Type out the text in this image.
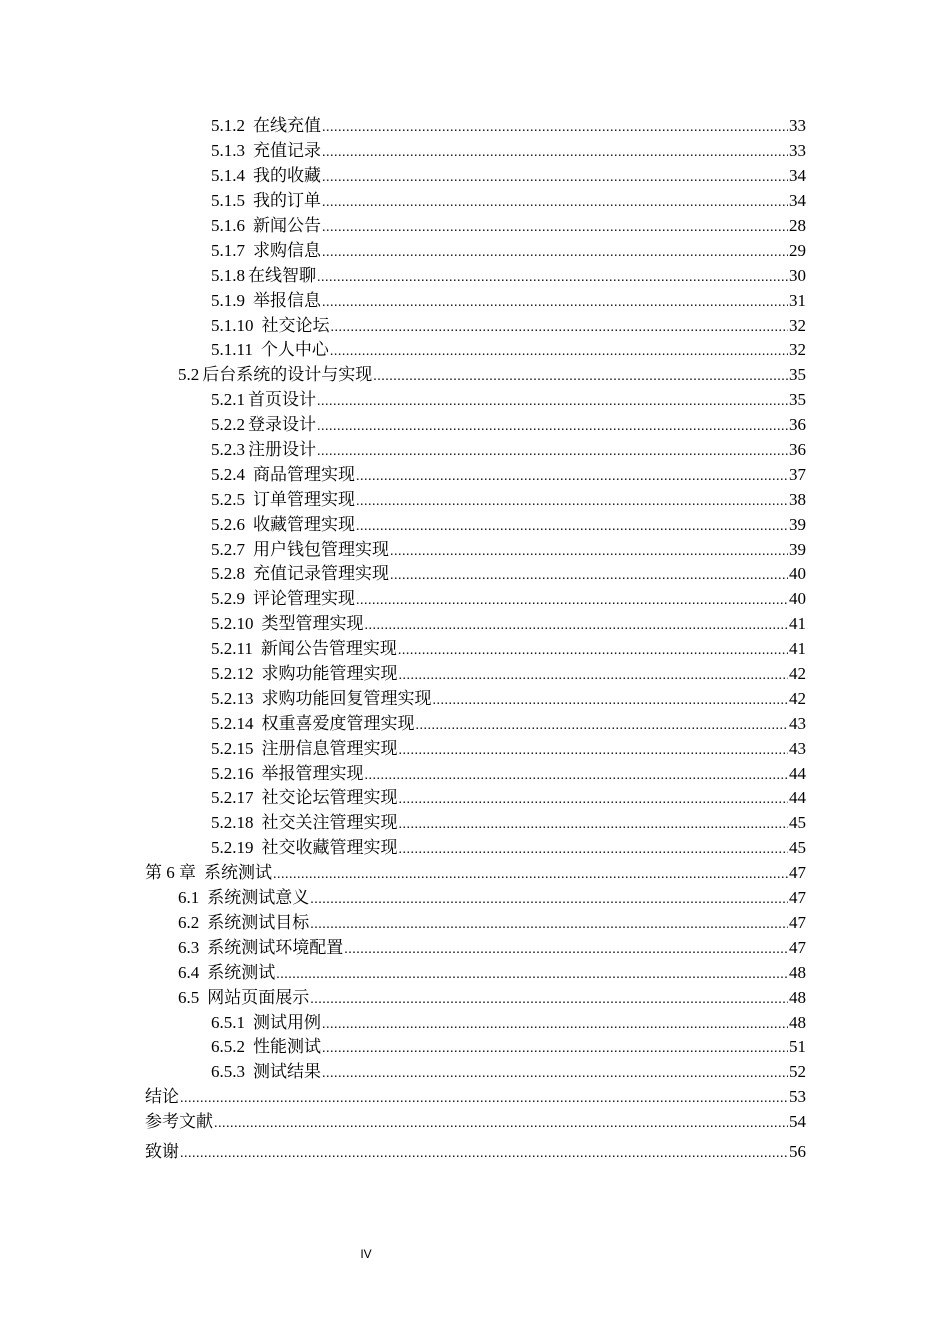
5.1.2 在线充值 .....	33
5.1.3 充值记录 .....	33
5.1.4 我的收藏 .....	34
5.1.5 我的订单 .....	34
5.1.6 新闻公告 .....	28
5.1.7 求购信息 .....	29
5.1.8 在线智聊 .....	30
5.1.9 举报信息 .....	31
5.1.10 社交论坛 .....	32
5.1.11 个人中心 .....	32
5.2 后台系统的设计与实现 .....	35
5.2.1 首页设计 .....	35
5.2.2 登录设计 .....	36
5.2.3 注册设计 .....	36
5.2.4 商品管理实现 .....	37
5.2.5 订单管理实现 .....	38
5.2.6 收藏管理实现 .....	39
5.2.7 用户钱包管理实现 .....	39
5.2.8 充值记录管理实现 .....	40
5.2.9 评论管理实现 .....	40
5.2.10 类型管理实现 .....	41
5.2.11 新闻公告管理实现 .....	41
5.2.12 求购功能管理实现 .....	42
5.2.13 求购功能回复管理实现 .....	42
5.2.14 权重喜爱度管理实现 .....	43
5.2.15 注册信息管理实现 .....	43
5.2.16 举报管理实现 .....	44
5.2.17 社交论坛管理实现 .....	44
5.2.18 社交关注管理实现 .....	45
5.2.19 社交收藏管理实现 .....	45
第 6 章 系统测试 .....	47
6.1 系统测试意义 .....	47
6.2 系统测试目标 .....	47
6.3 系统测试环境配置 .....	47
6.4 系统测试 .....	48
6.5 网站页面展示 .....	48
6.5.1 测试用例 .....	48
6.5.2 性能测试 .....	51
6.5.3 测试结果 .....	52
结论 .....	53
参考文献 .....	54
致谢 .....	56
IV
